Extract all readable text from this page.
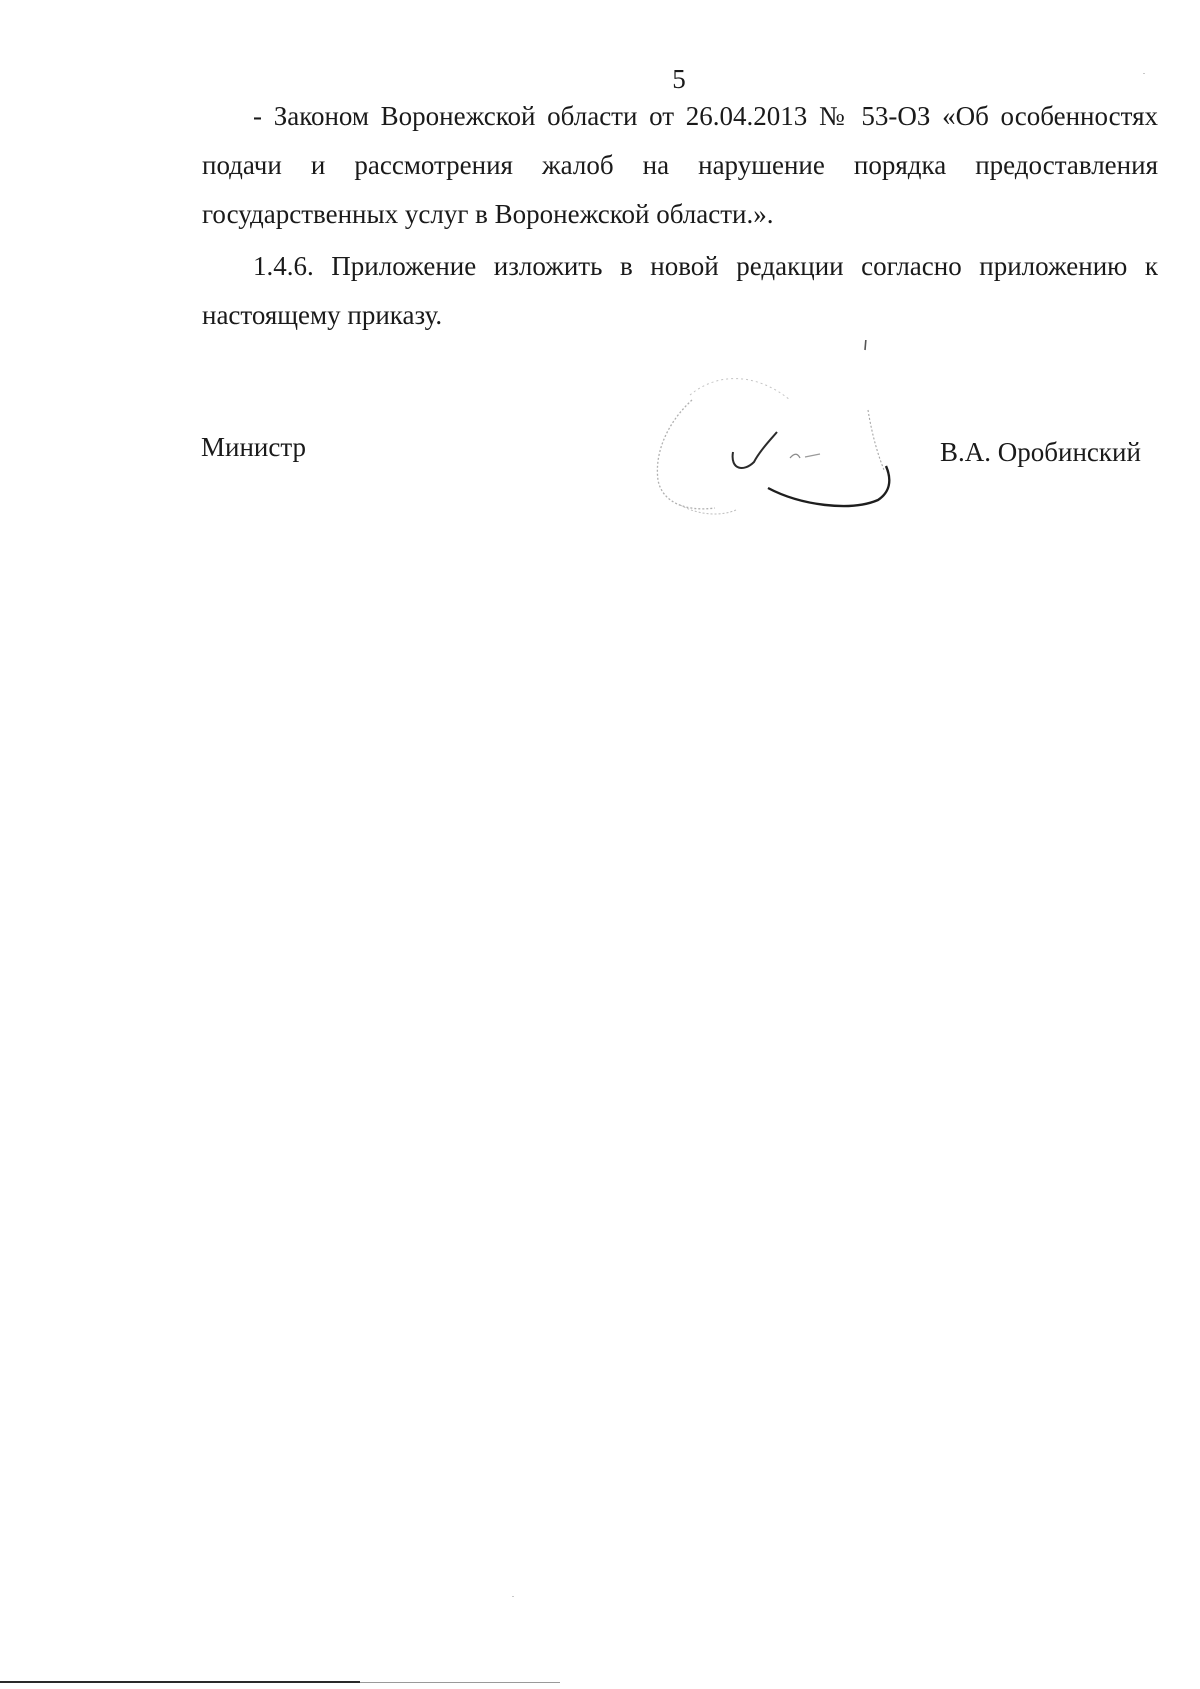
5

- Законом Воронежской области от 26.04.2013 № 53-ОЗ «Об особенностях подачи и рассмотрения жалоб на нарушение порядка предоставления государственных услуг в Воронежской области.».

1.4.6. Приложение изложить в новой редакции согласно приложению к настоящему приказу.

Министр	В.А. Оробинский
